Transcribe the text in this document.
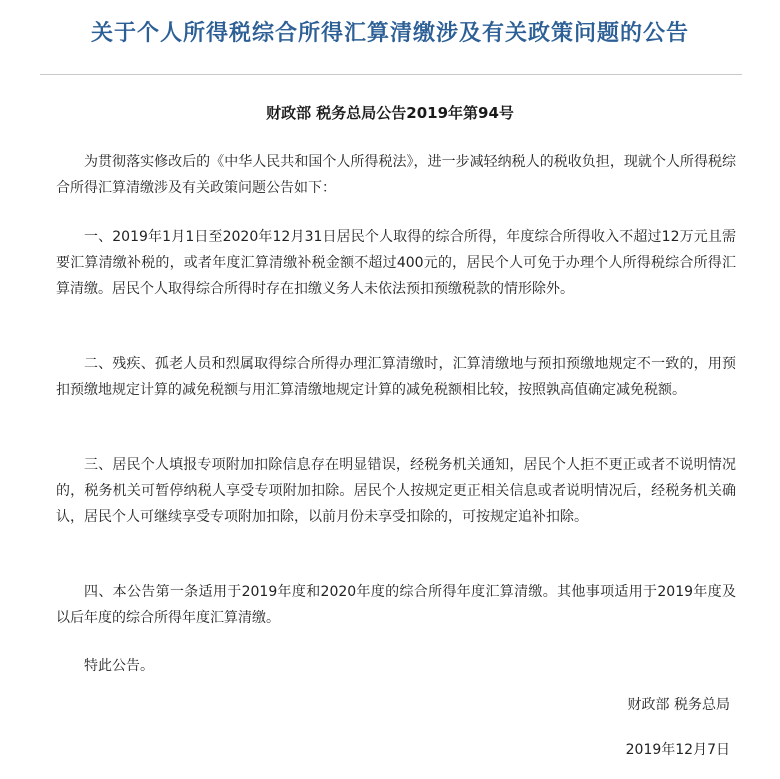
关于个人所得税综合所得汇算清缴涉及有关政策问题的公告

财政部 税务总局公告2019年第94号

为贯彻落实修改后的《中华人民共和国个人所得税法》，进一步减轻纳税人的税收负担，现就个人所得税综合所得汇算清缴涉及有关政策问题公告如下：

一、2019年1月1日至2020年12月31日居民个人取得的综合所得，年度综合所得收入不超过12万元且需要汇算清缴补税的，或者年度汇算清缴补税金额不超过400元的，居民个人可免于办理个人所得税综合所得汇算清缴。居民个人取得综合所得时存在扣缴义务人未依法预扣预缴税款的情形除外。

二、残疾、孤老人员和烈属取得综合所得办理汇算清缴时，汇算清缴地与预扣预缴地规定不一致的，用预扣预缴地规定计算的减免税额与用汇算清缴地规定计算的减免税额相比较，按照孰高值确定减免税额。

三、居民个人填报专项附加扣除信息存在明显错误，经税务机关通知，居民个人拒不更正或者不说明情况的，税务机关可暂停纳税人享受专项附加扣除。居民个人按规定更正相关信息或者说明情况后，经税务机关确认，居民个人可继续享受专项附加扣除，以前月份未享受扣除的，可按规定追补扣除。

四、本公告第一条适用于2019年度和2020年度的综合所得年度汇算清缴。其他事项适用于2019年度及以后年度的综合所得年度汇算清缴。

特此公告。

财政部 税务总局

2019年12月7日
